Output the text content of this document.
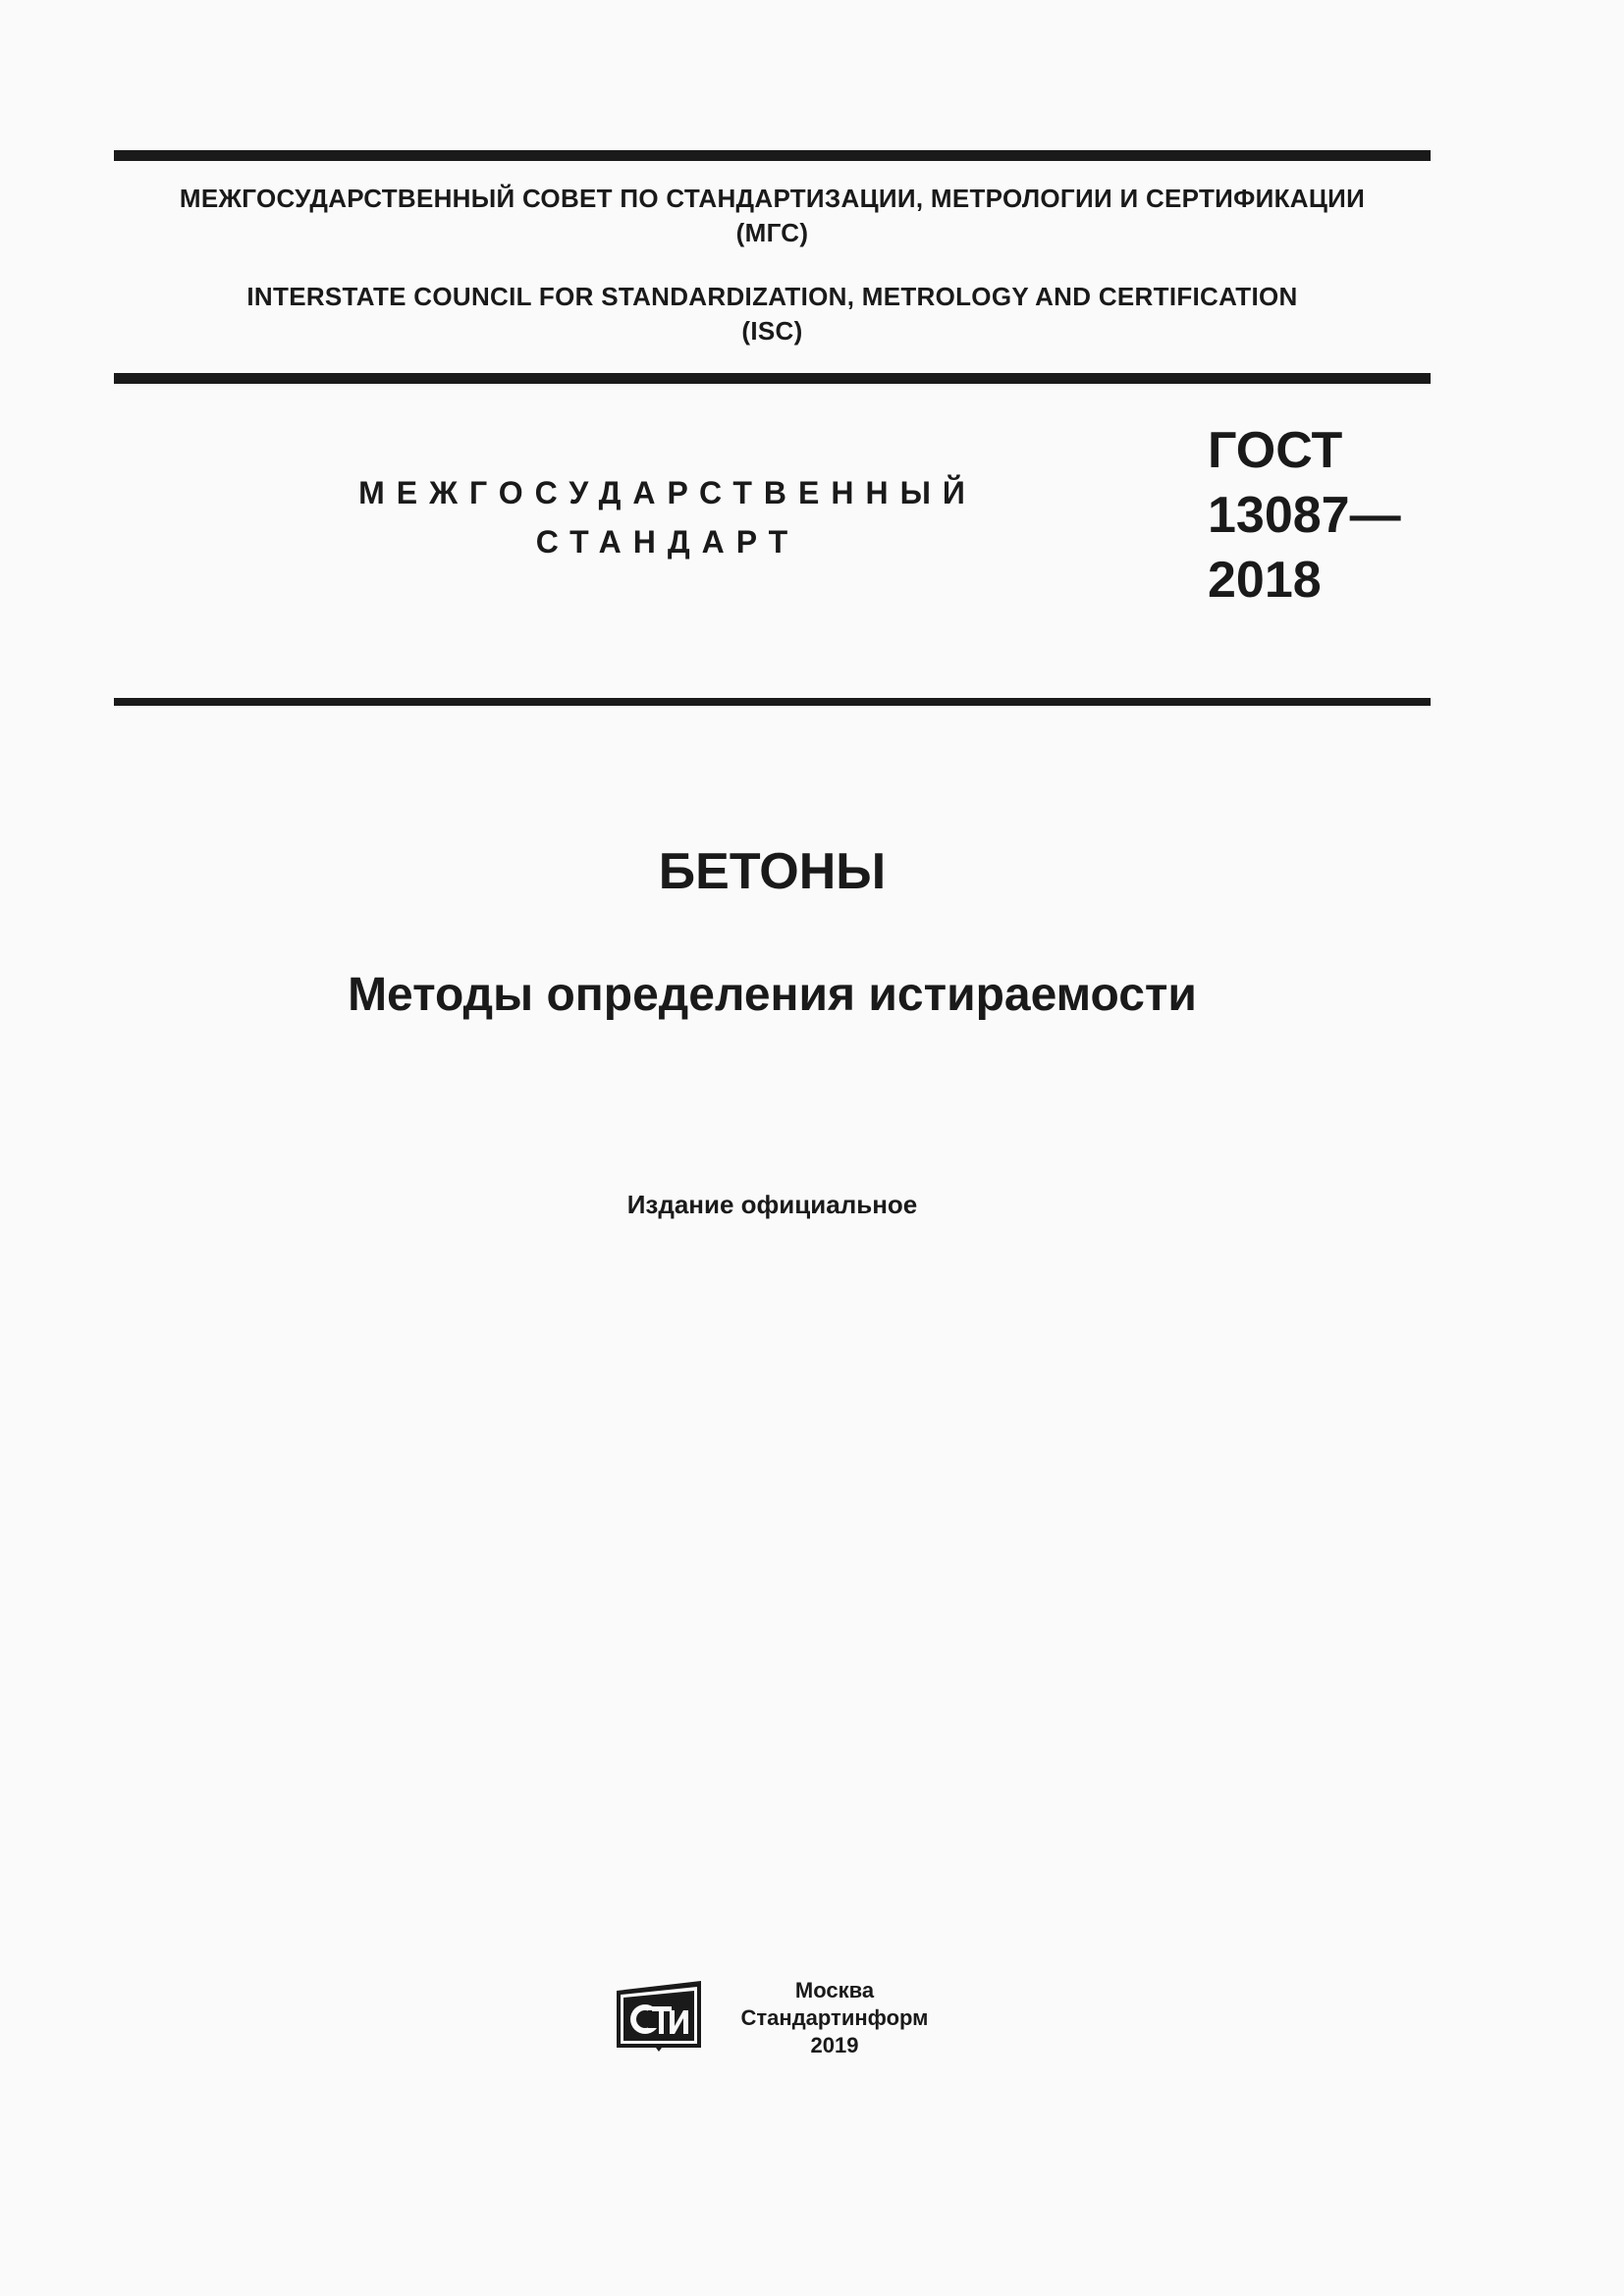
МЕЖГОСУДАРСТВЕННЫЙ СОВЕТ ПО СТАНДАРТИЗАЦИИ, МЕТРОЛОГИИ И СЕРТИФИКАЦИИ
(МГС)
INTERSTATE COUNCIL FOR STANDARDIZATION, METROLOGY AND CERTIFICATION
(ISC)
МЕЖГОСУДАРСТВЕННЫЙ
СТАНДАРТ
ГОСТ
13087—
2018
БЕТОНЫ
Методы определения истираемости
Издание официальное
Москва
Стандартинформ
2019
